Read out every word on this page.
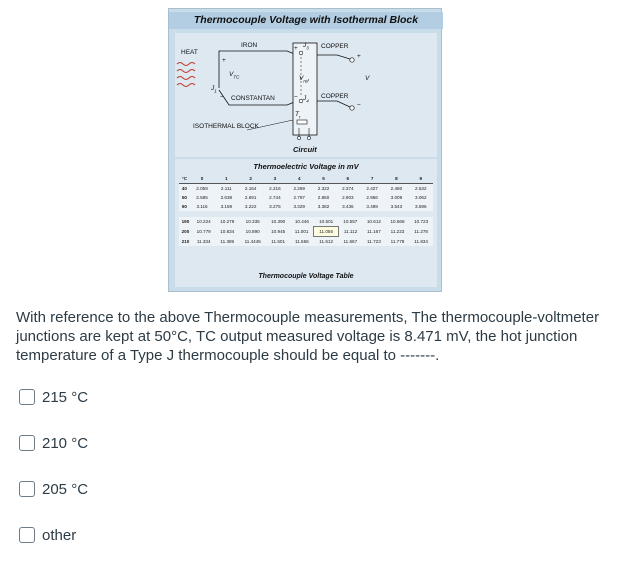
Thermocouple Voltage with Isothermal Block
HEAT
IRON
CONSTANTAN
COPPER
COPPER
ISOTHERMAL BLOCK
V
$V_{TC}$	$V_{ref}$
$J_1$
$J_3$
$J_4$
$T_r$
+
+
+
−	−
−
Circuit
Thermoelectric Voltage in mV
°C	0	1	2	3	4	5	6	7	8	9
40	2.059	2.111	2.164	2.216	2.269	2.322	2.374	2.427	2.480	2.532
50	2.585	2.638	2.691	2.744	2.797	2.850	2.903	2.956	3.009	3.062
60	3.116	3.169	3.222	3.275	3.329	3.382	3.436	3.489	3.543	3.596
190	10.224	10.279	10.335	10.390	10.446	10.501	10.557	10.612	10.668	10.723
200	10.779	10.834	10.890	10.945	11.001	11.056	11.112	11.167	11.223	11.278
210	11.334	11.389	11.4445	11.501	11.556	11.612	11.667	11.723	11.778	11.834
Thermocouple Voltage Table
With reference to the above Thermocouple measurements, The thermocouple-voltmeter junctions are kept at 50°C, TC output measured voltage is 8.471 mV, the hot junction temperature of a Type J thermocouple should be equal to -------.
215 °C
210 °C
205 °C
other
